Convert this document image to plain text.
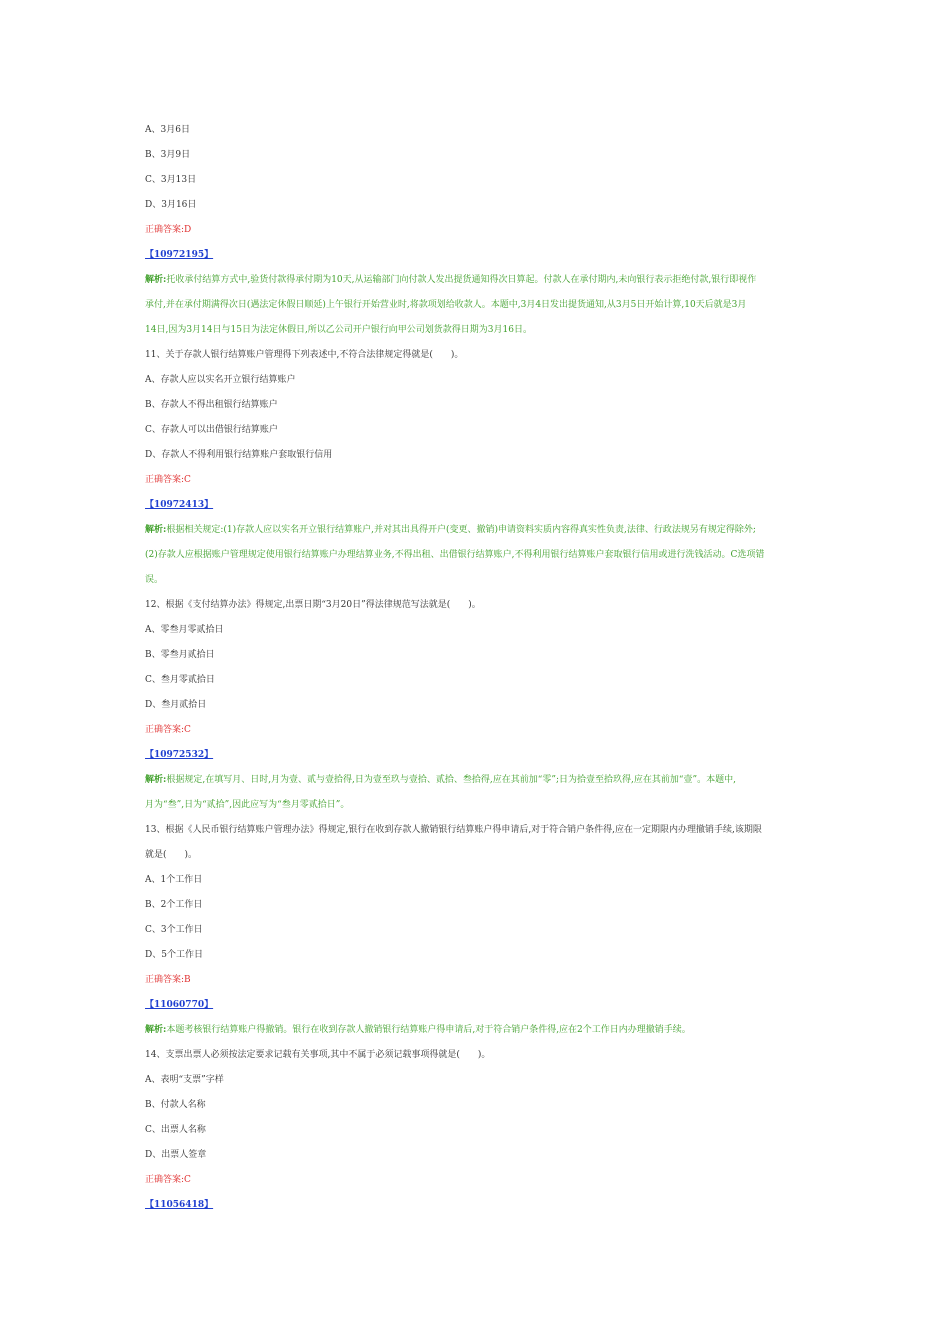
A、3月6日
B、3月9日
C、3月13日
D、3月16日
正确答案:D
【10972195】
解析:托收承付结算方式中,验货付款得承付期为10天,从运输部门向付款人发出提货通知得次日算起。付款人在承付期内,未向银行表示拒绝付款,银行即视作
承付,并在承付期满得次日(遇法定休假日顺延)上午银行开始营业时,将款项划给收款人。本题中,3月4日发出提货通知,从3月5日开始计算,10天后就是3月
14日,因为3月14日与15日为法定休假日,所以乙公司开户银行向甲公司划货款得日期为3月16日。
11、关于存款人银行结算账户管理得下列表述中,不符合法律规定得就是(　　)。
A、存款人应以实名开立银行结算账户
B、存款人不得出租银行结算账户
C、存款人可以出借银行结算账户
D、存款人不得利用银行结算账户套取银行信用
正确答案:C
【10972413】
解析:根据相关规定:(1)存款人应以实名开立银行结算账户,并对其出具得开户(变更、撤销)申请资料实质内容得真实性负责,法律、行政法规另有规定得除外;
(2)存款人应根据账户管理规定使用银行结算账户办理结算业务,不得出租、出借银行结算账户,不得利用银行结算账户套取银行信用或进行洗钱活动。C选项错
误。
12、根据《支付结算办法》得规定,出票日期“3月20日”得法律规范写法就是(　　)。
A、零叁月零贰拾日
B、零叁月贰拾日
C、叁月零贰拾日
D、叁月贰拾日
正确答案:C
【10972532】
解析:根据规定,在填写月、日时,月为壹、贰与壹拾得,日为壹至玖与壹拾、贰拾、叁拾得,应在其前加“零”;日为拾壹至拾玖得,应在其前加“壹”。本题中,
月为“叁”,日为“贰拾”,因此应写为“叁月零贰拾日”。
13、根据《人民币银行结算账户管理办法》得规定,银行在收到存款人撤销银行结算账户得申请后,对于符合销户条件得,应在一定期限内办理撤销手续,该期限
就是(　　)。
A、1个工作日
B、2个工作日
C、3个工作日
D、5个工作日
正确答案:B
【11060770】
解析:本题考核银行结算账户得撤销。银行在收到存款人撤销银行结算账户得申请后,对于符合销户条件得,应在2个工作日内办理撤销手续。
14、支票出票人必须按法定要求记载有关事项,其中不属于必须记载事项得就是(　　)。
A、表明“支票”字样
B、付款人名称
C、出票人名称
D、出票人签章
正确答案:C
【11056418】
